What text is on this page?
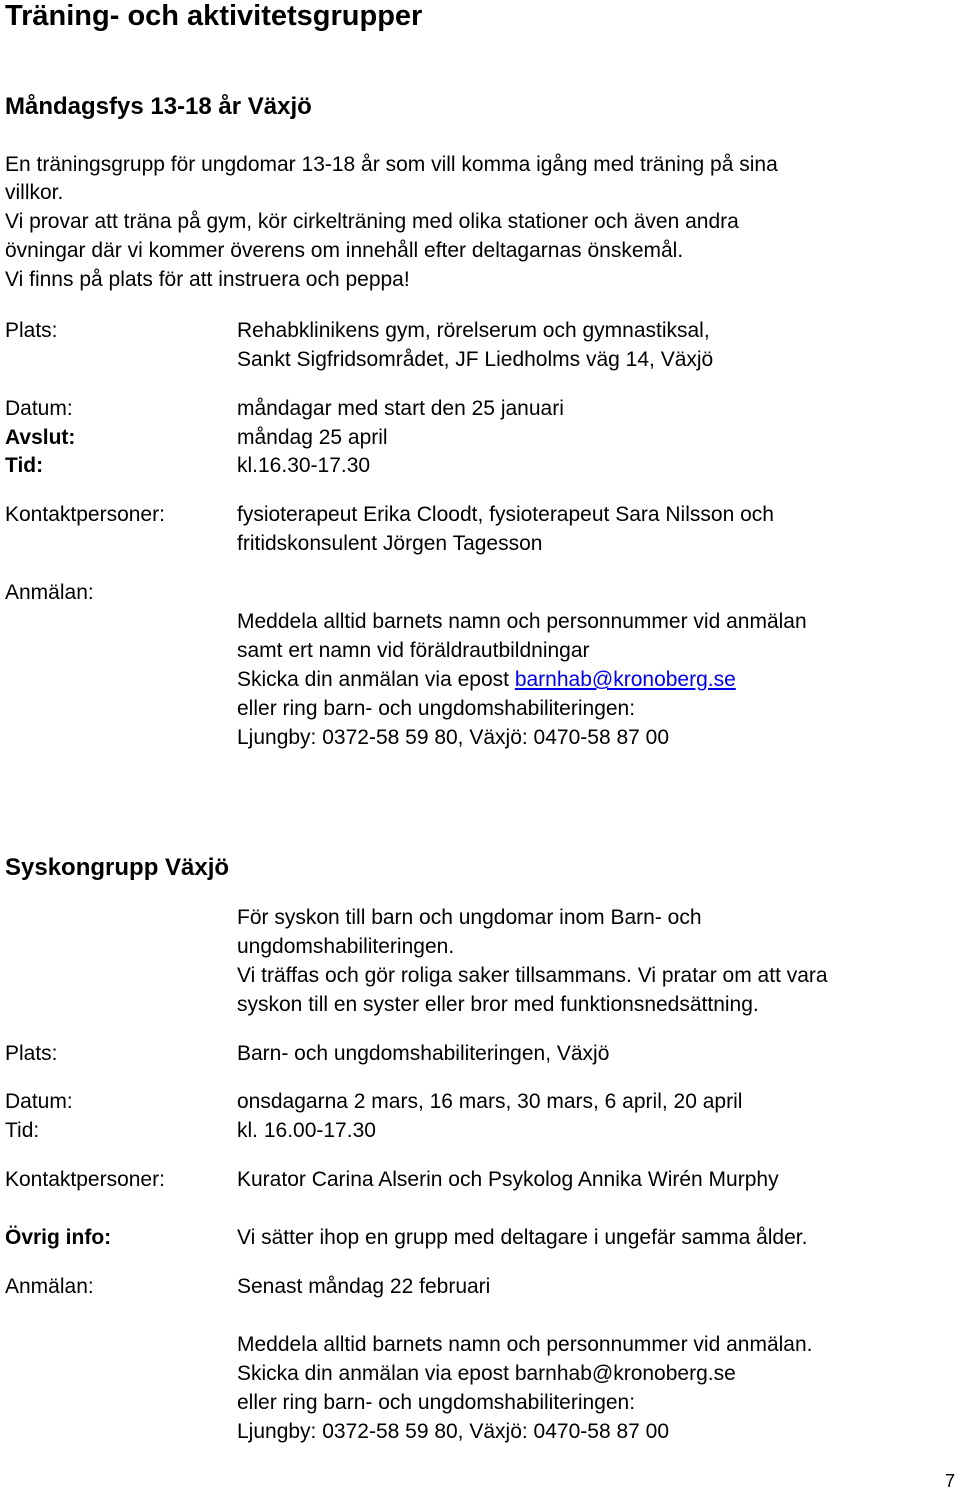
Träning- och aktivitetsgrupper
Måndagsfys 13-18 år Växjö
En träningsgrupp för ungdomar 13-18 år som vill komma igång med träning på sina
villkor.
Vi provar att träna på gym, kör cirkelträning med olika stationer och även andra
övningar där vi kommer överens om innehåll efter deltagarnas önskemål.
Vi finns på plats för att instruera och peppa!
Plats:	Rehabklinikens gym, rörelserum och gymnastiksal,
Sankt Sigfridsområdet, JF Liedholms väg 14, Växjö
Datum:	måndagar med start den 25 januari
Avslut:	måndag 25 april
Tid:	kl.16.30-17.30
Kontaktpersoner:	fysioterapeut Erika Cloodt, fysioterapeut Sara Nilsson och
fritidskonsulent Jörgen Tagesson
Anmälan:
Meddela alltid barnets namn och personnummer vid anmälan
samt ert namn vid föräldrautbildningar
Skicka din anmälan via epost barnhab@kronoberg.se
eller ring barn- och ungdomshabiliteringen:
Ljungby: 0372-58 59 80, Växjö: 0470-58 87 00
Syskongrupp Växjö
För syskon till barn och ungdomar inom Barn- och
ungdomshabiliteringen.
Vi träffas och gör roliga saker tillsammans. Vi pratar om att vara
syskon till en syster eller bror med funktionsnedsättning.
Plats:	Barn- och ungdomshabiliteringen, Växjö
Datum:	onsdagarna 2 mars, 16 mars, 30 mars, 6 april, 20 april
Tid:	kl. 16.00-17.30
Kontaktpersoner:	Kurator Carina Alserin och Psykolog Annika Wirén Murphy
Övrig info:	Vi sätter ihop en grupp med deltagare i ungefär samma ålder.
Anmälan:	Senast måndag 22 februari
Meddela alltid barnets namn och personnummer vid anmälan.
Skicka din anmälan via epost barnhab@kronoberg.se
eller ring barn- och ungdomshabiliteringen:
Ljungby: 0372-58 59 80, Växjö: 0470-58 87 00
7
